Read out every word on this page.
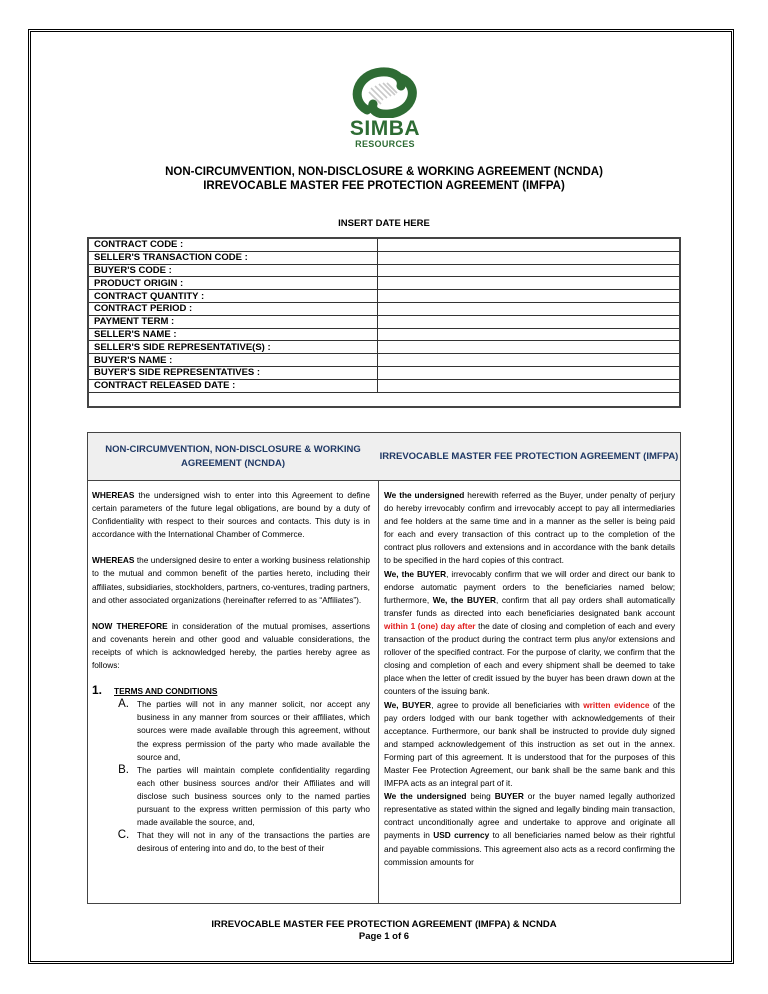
SIMBA
RESOURCES
NON-CIRCUMVENTION, NON-DISCLOSURE & WORKING AGREEMENT (NCNDA)
IRREVOCABLE MASTER FEE PROTECTION AGREEMENT (IMFPA)
INSERT DATE HERE
CONTRACT CODE :	
SELLER'S TRANSACTION CODE :	
BUYER'S CODE :	
PRODUCT ORIGIN :	
CONTRACT QUANTITY :	
CONTRACT PERIOD :	
PAYMENT TERM :	
SELLER'S NAME :	
SELLER'S SIDE REPRESENTATIVE(S) :	
BUYER'S NAME :	
BUYER'S SIDE REPRESENTATIVES :	
CONTRACT RELEASED DATE :	
NON-CIRCUMVENTION, NON-DISCLOSURE & WORKING AGREEMENT (NCNDA)
IRREVOCABLE MASTER FEE PROTECTION AGREEMENT (IMFPA)

WHEREAS the undersigned wish to enter into this Agreement to define certain parameters of the future legal obligations, are bound by a duty of Confidentiality with respect to their sources and contacts. This duty is in accordance with the International Chamber of Commerce.

WHEREAS the undersigned desire to enter a working business relationship to the mutual and common benefit of the parties hereto, including their affiliates, subsidiaries, stockholders, partners, co-ventures, trading partners, and other associated organizations (hereinafter referred to as “Affiliates”).

NOW THEREFORE in consideration of the mutual promises, assertions and covenants herein and other good and valuable considerations, the receipts of which is acknowledged hereby, the parties hereby agree as follows:

1.	TERMS AND CONDITIONS
A. The parties will not in any manner solicit, nor accept any business in any manner from sources or their affiliates, which sources were made available through this agreement, without the express permission of the party who made available the source and,
B. The parties will maintain complete confidentiality regarding each other business sources and/or their Affiliates and will disclose such business sources only to the named parties pursuant to the express written permission of this party who made available the source, and,
C. That they will not in any of the transactions the parties are desirous of entering into and do, to the best of their

We the undersigned herewith referred as the Buyer, under penalty of perjury do hereby irrevocably confirm and irrevocably accept to pay all intermediaries and fee holders at the same time and in a manner as the seller is being paid for each and every transaction of this contract up to the completion of the contract plus rollovers and extensions and in accordance with the bank details to be specified in the hard copies of this contract.

We, the BUYER, irrevocably confirm that we will order and direct our bank to endorse automatic payment orders to the beneficiaries named below; furthermore, We, the BUYER, confirm that all pay orders shall automatically transfer funds as directed into each beneficiaries designated bank account within 1 (one) day after the date of closing and completion of each and every transaction of the product during the contract term plus any/or extensions and rollover of the specified contract. For the purpose of clarity, we confirm that the closing and completion of each and every shipment shall be deemed to take place when the letter of credit issued by the buyer has been drawn down at the counters of the issuing bank.

We, BUYER, agree to provide all beneficiaries with written evidence of the pay orders lodged with our bank together with acknowledgements of their acceptance. Furthermore, our bank shall be instructed to provide duly signed and stamped acknowledgement of this instruction as set out in the annex. Forming part of this agreement. It is understood that for the purposes of this Master Fee Protection Agreement, our bank shall be the same bank and this IMFPA acts as an integral part of it.

We the undersigned being BUYER or the buyer named legally authorized representative as stated within the signed and legally binding main transaction, contract unconditionally agree and undertake to approve and originate all payments in USD currency to all beneficiaries named below as their rightful and payable commissions. This agreement also acts as a record confirming the commission amounts for

IRREVOCABLE MASTER FEE PROTECTION AGREEMENT (IMFPA) & NCNDA
Page 1 of 6
